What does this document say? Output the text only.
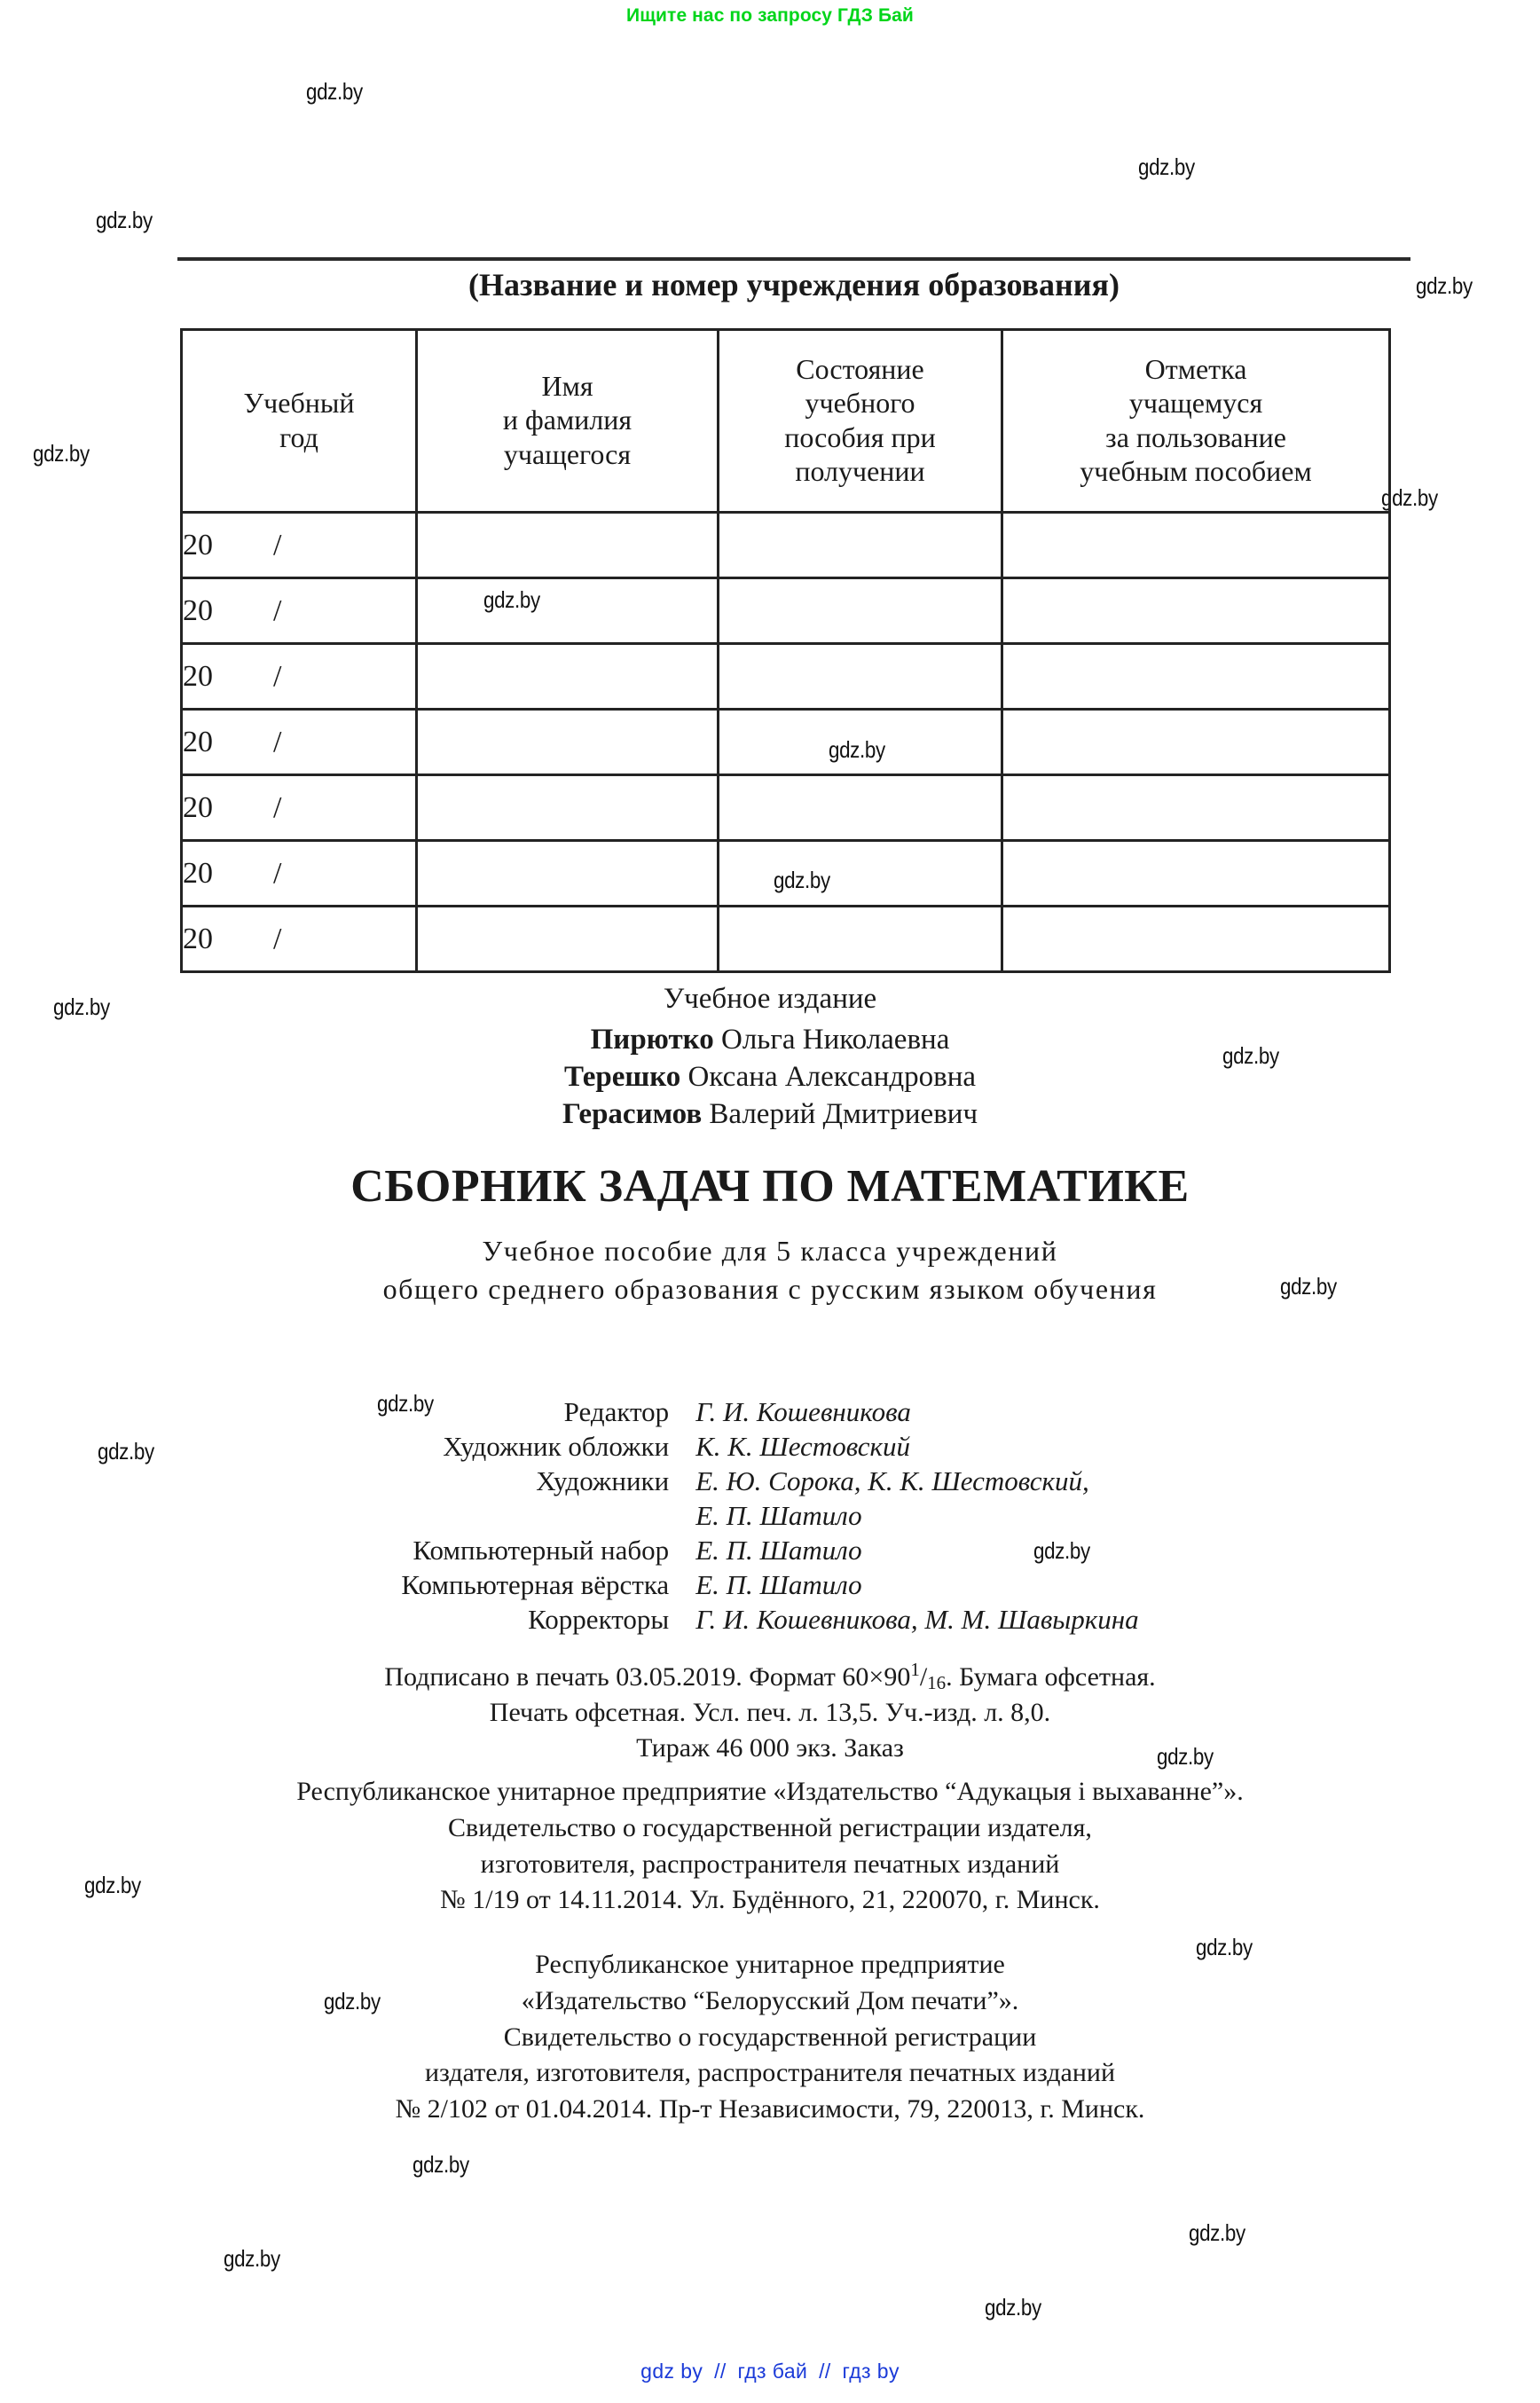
Ищите нас по запросу ГДЗ Бай
gdz.by
gdz.by
gdz.by
gdz.by
gdz.by
gdz.by
gdz.by
gdz.by
gdz.by
gdz.by
gdz.by
gdz.by
gdz.by
gdz.by
gdz.by
gdz.by
gdz.by
gdz.by
gdz.by
gdz.by
gdz.by
gdz.by
gdz.by
(Название и номер учреждения образования)
Учебный
год

Имя
и фамилия
учащегося

Состояние
учебного
пособия при
получении

Отметка
учащемуся
за пользование
учебным пособием

20        /			
20        /			
20        /			
20        /			
20        /			
20        /			
20        /			
Учебное издание
Пирютко Ольга Николаевна
Терешко Оксана Александровна
Герасимов Валерий Дмитриевич
СБОРНИК ЗАДАЧ ПО МАТЕМАТИКЕ
Учебное пособие для 5 класса учреждений
общего среднего образования с русским языком обучения
Редактор	Г. И. Кошевникова
Художник обложки	К. К. Шестовский
Художники	Е. Ю. Сорока, К. К. Шестовский,
	Е. П. Шатило
Компьютерный набор	Е. П. Шатило
Компьютерная вёрстка	Е. П. Шатило
Корректоры	Г. И. Кошевникова, М. М. Шавыркина
Подписано в печать 03.05.2019. Формат $60\times 90^1/16$. Бумага офсетная.
Печать офсетная. Усл. печ. л. 13,5. Уч.-изд. л. 8,0.
Тираж 46 000 экз. Заказ
Республиканское унитарное предприятие «Издательство “Адукацыя i выхаванне”».
Свидетельство о государственной регистрации издателя,
изготовителя, распространителя печатных изданий
№ 1/19 от 14.11.2014. Ул. Будённого, 21, 220070, г. Минск.
Республиканское унитарное предприятие
«Издательство “Белорусский Дом печати”».
Свидетельство о государственной регистрации
издателя, изготовителя, распространителя печатных изданий
№ 2/102 от 01.04.2014. Пр-т Независимости, 79, 220013, г. Минск.
gdz by // гдз бай // гдз by
